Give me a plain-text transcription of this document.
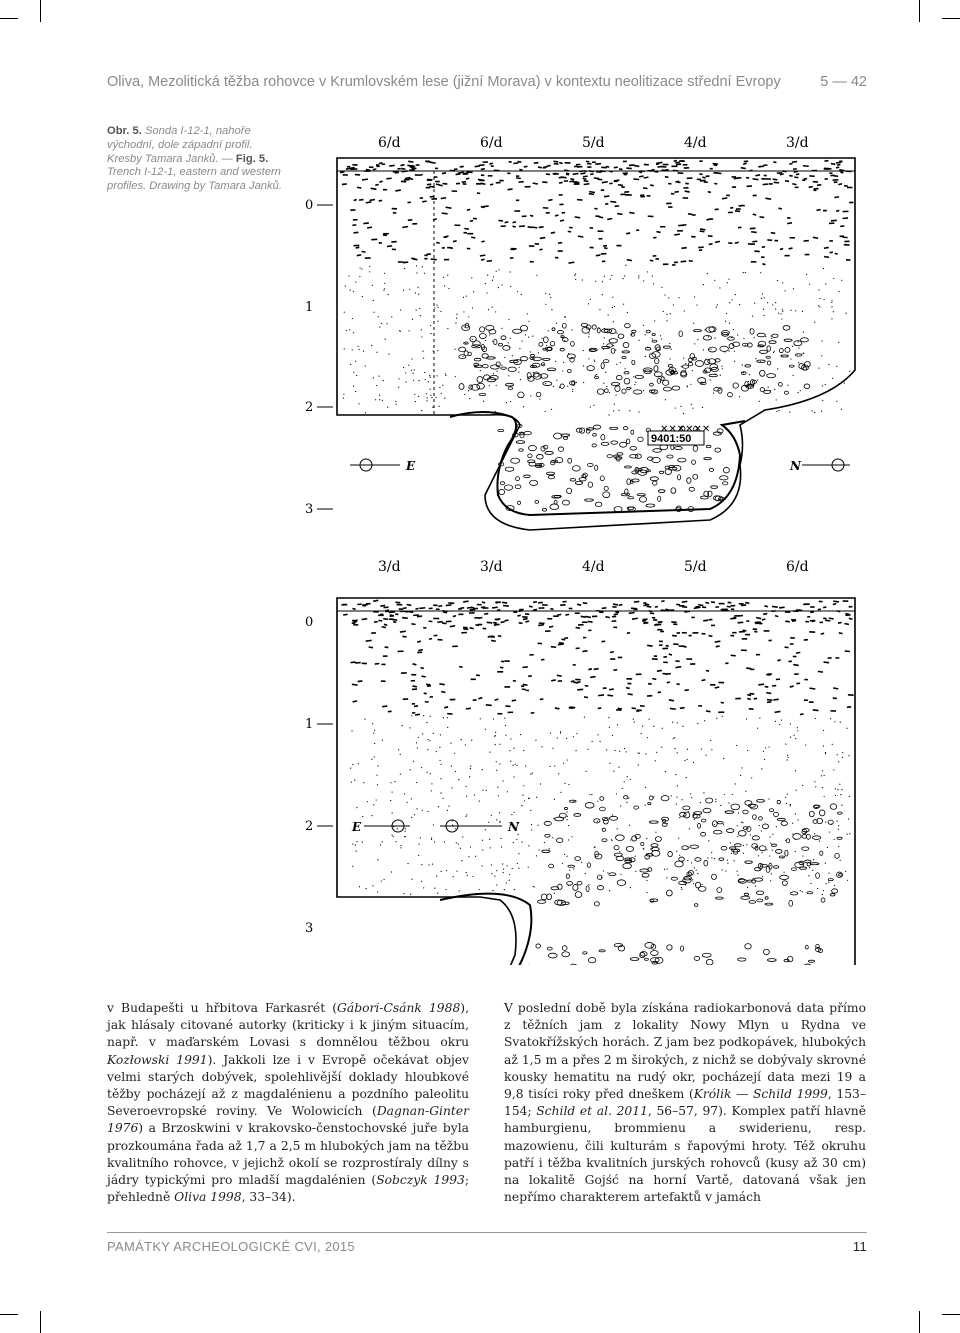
Oliva, Mezolitická těžba rohovce v Krumlovském lese (jižní Morava) v kontextu neolitizace střední Evropy	5 — 42
Obr. 5. Sonda I-12-1, nahoře východní, dole západní profil. Kresby Tamara Janků. — Fig. 5. Trench I-12-1, eastern and western profiles. Drawing by Tamara Janků.
6/d	6/d	5/d	4/d	3/d
0
1
2
3
E	N
9401:50
✕✕✕✕✕✕
3/d	3/d	4/d	5/d	6/d
0
1
2
3
E	N
v Budapešti u hřbitova Farkasrét (Gábori-Csánk 1988), jak hlásaly citované autorky (kriticky i k jiným situacím, např. v maďarském Lovasi s domnělou těžbou okru Kozłowski 1991). Jakkoli lze i v Evropě očekávat objev velmi starých dobývek, spolehlivější doklady hloubkové těžby pocházejí až z magdalénienu a pozdního paleolitu Severoevropské roviny. Ve Wolowicích (Dagnan-Ginter 1976) a Brzoskwini v krakovsko-čenstochovské juře byla prozkoumána řada až 1,7 a 2,5 m hlubokých jam na těžbu kvalitního rohovce, v jejichž okolí se rozprostíraly dílny s jádry typickými pro mladší magdalénien (Sobczyk 1993; přehledně Oliva 1998, 33–34).
V poslední době byla získána radiokarbonová data přímo z těžních jam z lokality Nowy Mlyn u Rydna ve Svatokřížských horách. Z jam bez podkopávek, hlubokých až 1,5 m a přes 2 m širokých, z nichž se dobývaly skrovné kousky hematitu na rudý okr, pocházejí data mezi 19 a 9,8 tisíci roky před dneškem (Królik — Schild 1999, 153–154; Schild et al. 2011, 56–57, 97). Komplex patří hlavně hamburgienu, brommienu a swiderienu, resp. mazowienu, čili kulturám s řapovými hroty. Též okruhu patří i těžba kvalitních jurských rohovců (kusy až 30 cm) na lokalitě Gojść na horní Vartě, datovaná však jen nepřímo charakterem artefaktů v jamách
PAMÁTKY ARCHEOLOGICKÉ CVI, 2015	11
